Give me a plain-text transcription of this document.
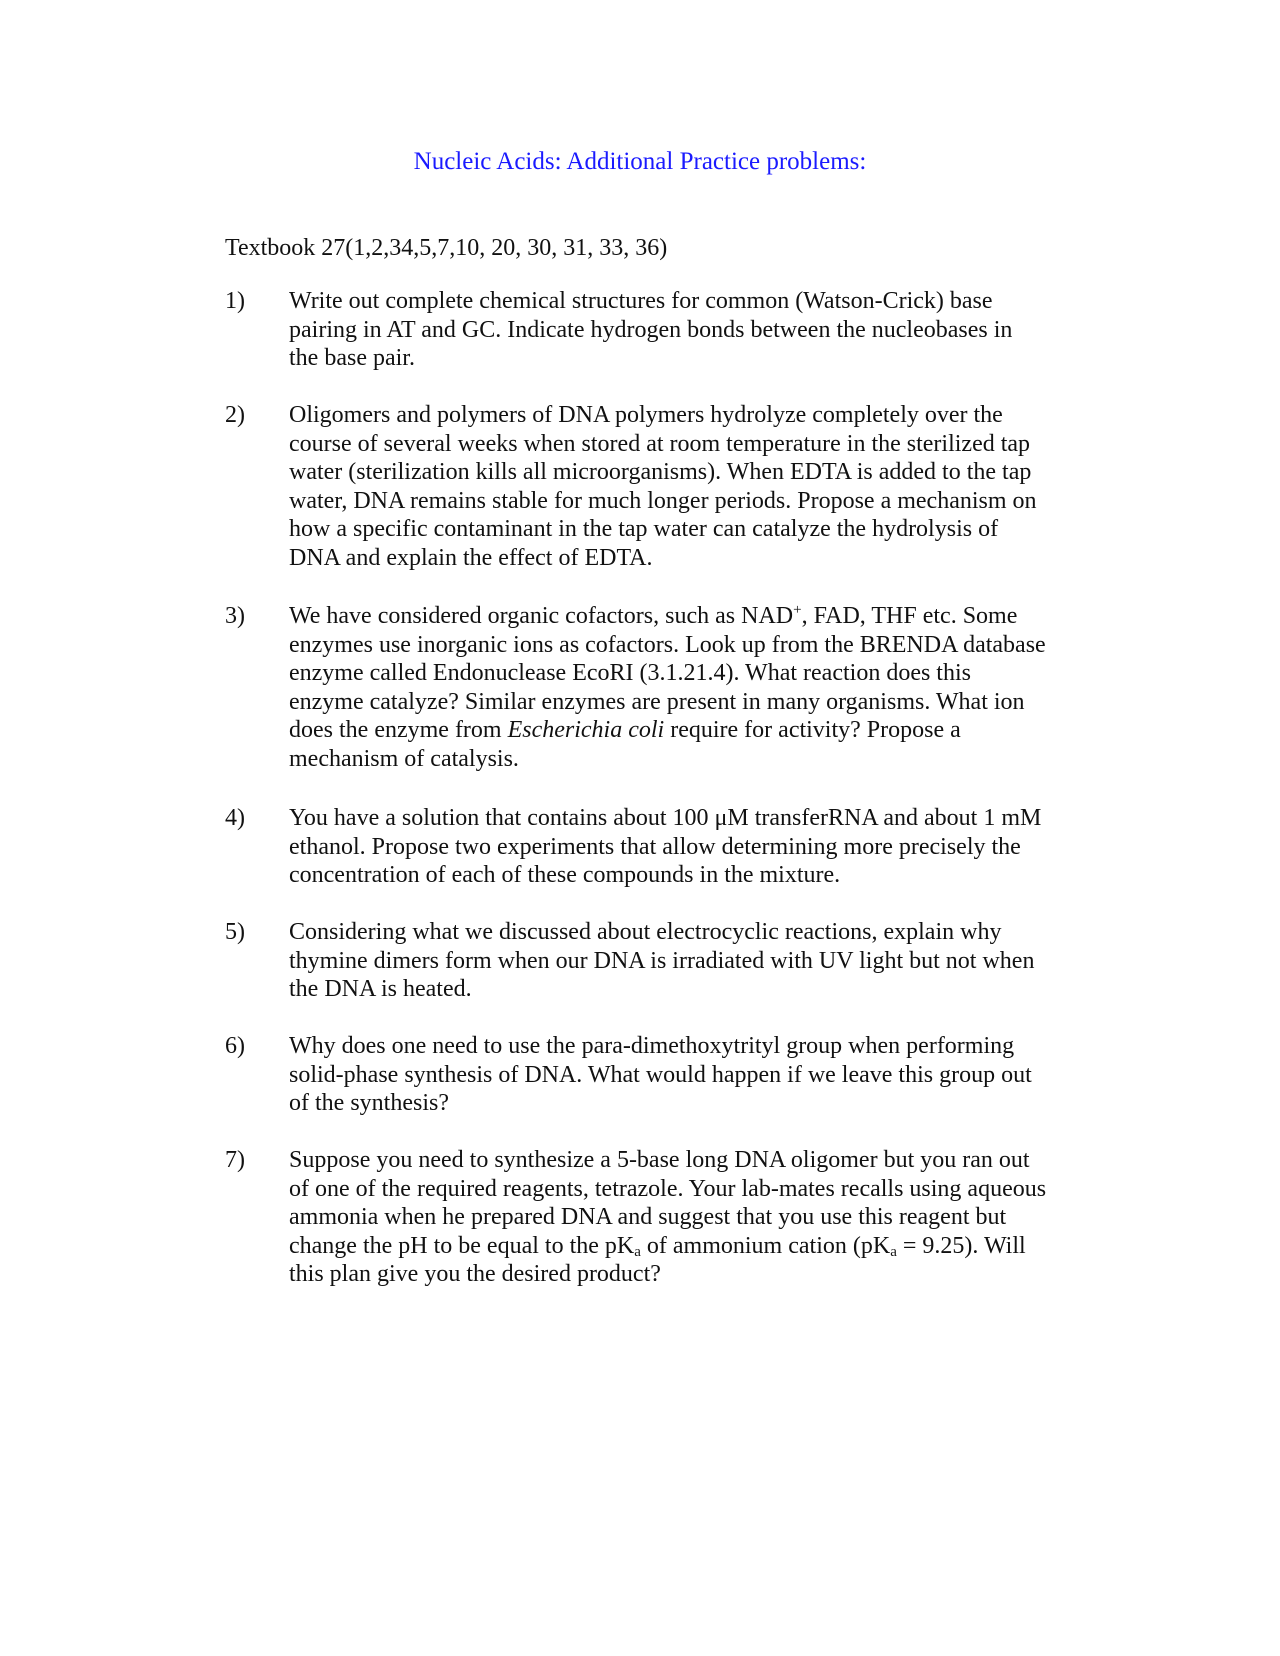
Nucleic Acids: Additional Practice problems:
Textbook 27(1,2,34,5,7,10, 20, 30, 31, 33, 36)
1)	Write out complete chemical structures for common (Watson-Crick) base
pairing in AT and GC. Indicate hydrogen bonds between the nucleobases in
the base pair.
2)	Oligomers and polymers of DNA polymers hydrolyze completely over the
course of several weeks when stored at room temperature in the sterilized tap
water (sterilization kills all microorganisms). When EDTA is added to the tap
water, DNA remains stable for much longer periods. Propose a mechanism on
how a specific contaminant in the tap water can catalyze the hydrolysis of
DNA and explain the effect of EDTA.
3)	We have considered organic cofactors, such as NAD+, FAD, THF etc. Some
enzymes use inorganic ions as cofactors. Look up from the BRENDA database
enzyme called Endonuclease EcoRI (3.1.21.4). What reaction does this
enzyme catalyze? Similar enzymes are present in many organisms. What ion
does the enzyme from Escherichia coli require for activity? Propose a
mechanism of catalysis.
4)	You have a solution that contains about 100 μM transferRNA and about 1 mM
ethanol. Propose two experiments that allow determining more precisely the
concentration of each of these compounds in the mixture.
5)	Considering what we discussed about electrocyclic reactions, explain why
thymine dimers form when our DNA is irradiated with UV light but not when
the DNA is heated.
6)	Why does one need to use the para-dimethoxytrityl group when performing
solid-phase synthesis of DNA. What would happen if we leave this group out
of the synthesis?
7)	Suppose you need to synthesize a 5-base long DNA oligomer but you ran out
of one of the required reagents, tetrazole. Your lab-mates recalls using aqueous
ammonia when he prepared DNA and suggest that you use this reagent but
change the pH to be equal to the $pK_a$ of ammonium cation $(pK_a = 9.25)$. Will
this plan give you the desired product?
